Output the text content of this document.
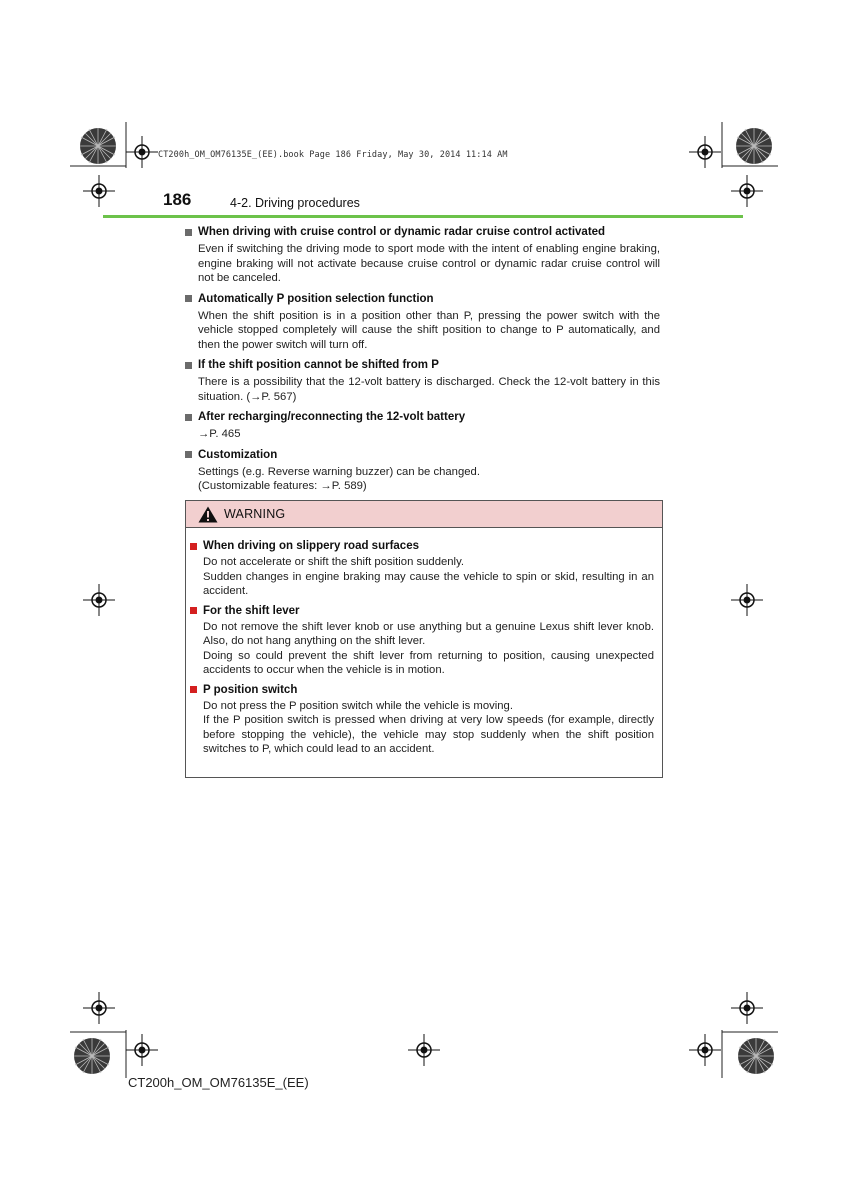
CT200h_OM_OM76135E_(EE).book Page 186 Friday, May 30, 2014 11:14 AM
186	4-2. Driving procedures
When driving with cruise control or dynamic radar cruise control activated

Even if switching the driving mode to sport mode with the intent of enabling engine braking, engine braking will not activate because cruise control or dynamic radar cruise control will not be canceled.

Automatically P position selection function

When the shift position is in a position other than P, pressing the power switch with the vehicle stopped completely will cause the shift position to change to P automatically, and then the power switch will turn off.

If the shift position cannot be shifted from P

There is a possibility that the 12-volt battery is discharged. Check the 12-volt battery in this situation. (→P. 567)

After recharging/reconnecting the 12-volt battery

→P. 465

Customization

Settings (e.g. Reverse warning buzzer) can be changed.

(Customizable features: →P. 589)

WARNING
When driving on slippery road surfaces

Do not accelerate or shift the shift position suddenly.

Sudden changes in engine braking may cause the vehicle to spin or skid, resulting in an accident.

For the shift lever

Do not remove the shift lever knob or use anything but a genuine Lexus shift lever knob. Also, do not hang anything on the shift lever.

Doing so could prevent the shift lever from returning to position, causing unexpected accidents to occur when the vehicle is in motion.

P position switch

Do not press the P position switch while the vehicle is moving.

If the P position switch is pressed when driving at very low speeds (for example, directly before stopping the vehicle), the vehicle may stop suddenly when the shift position switches to P, which could lead to an accident.

CT200h_OM_OM76135E_(EE)
